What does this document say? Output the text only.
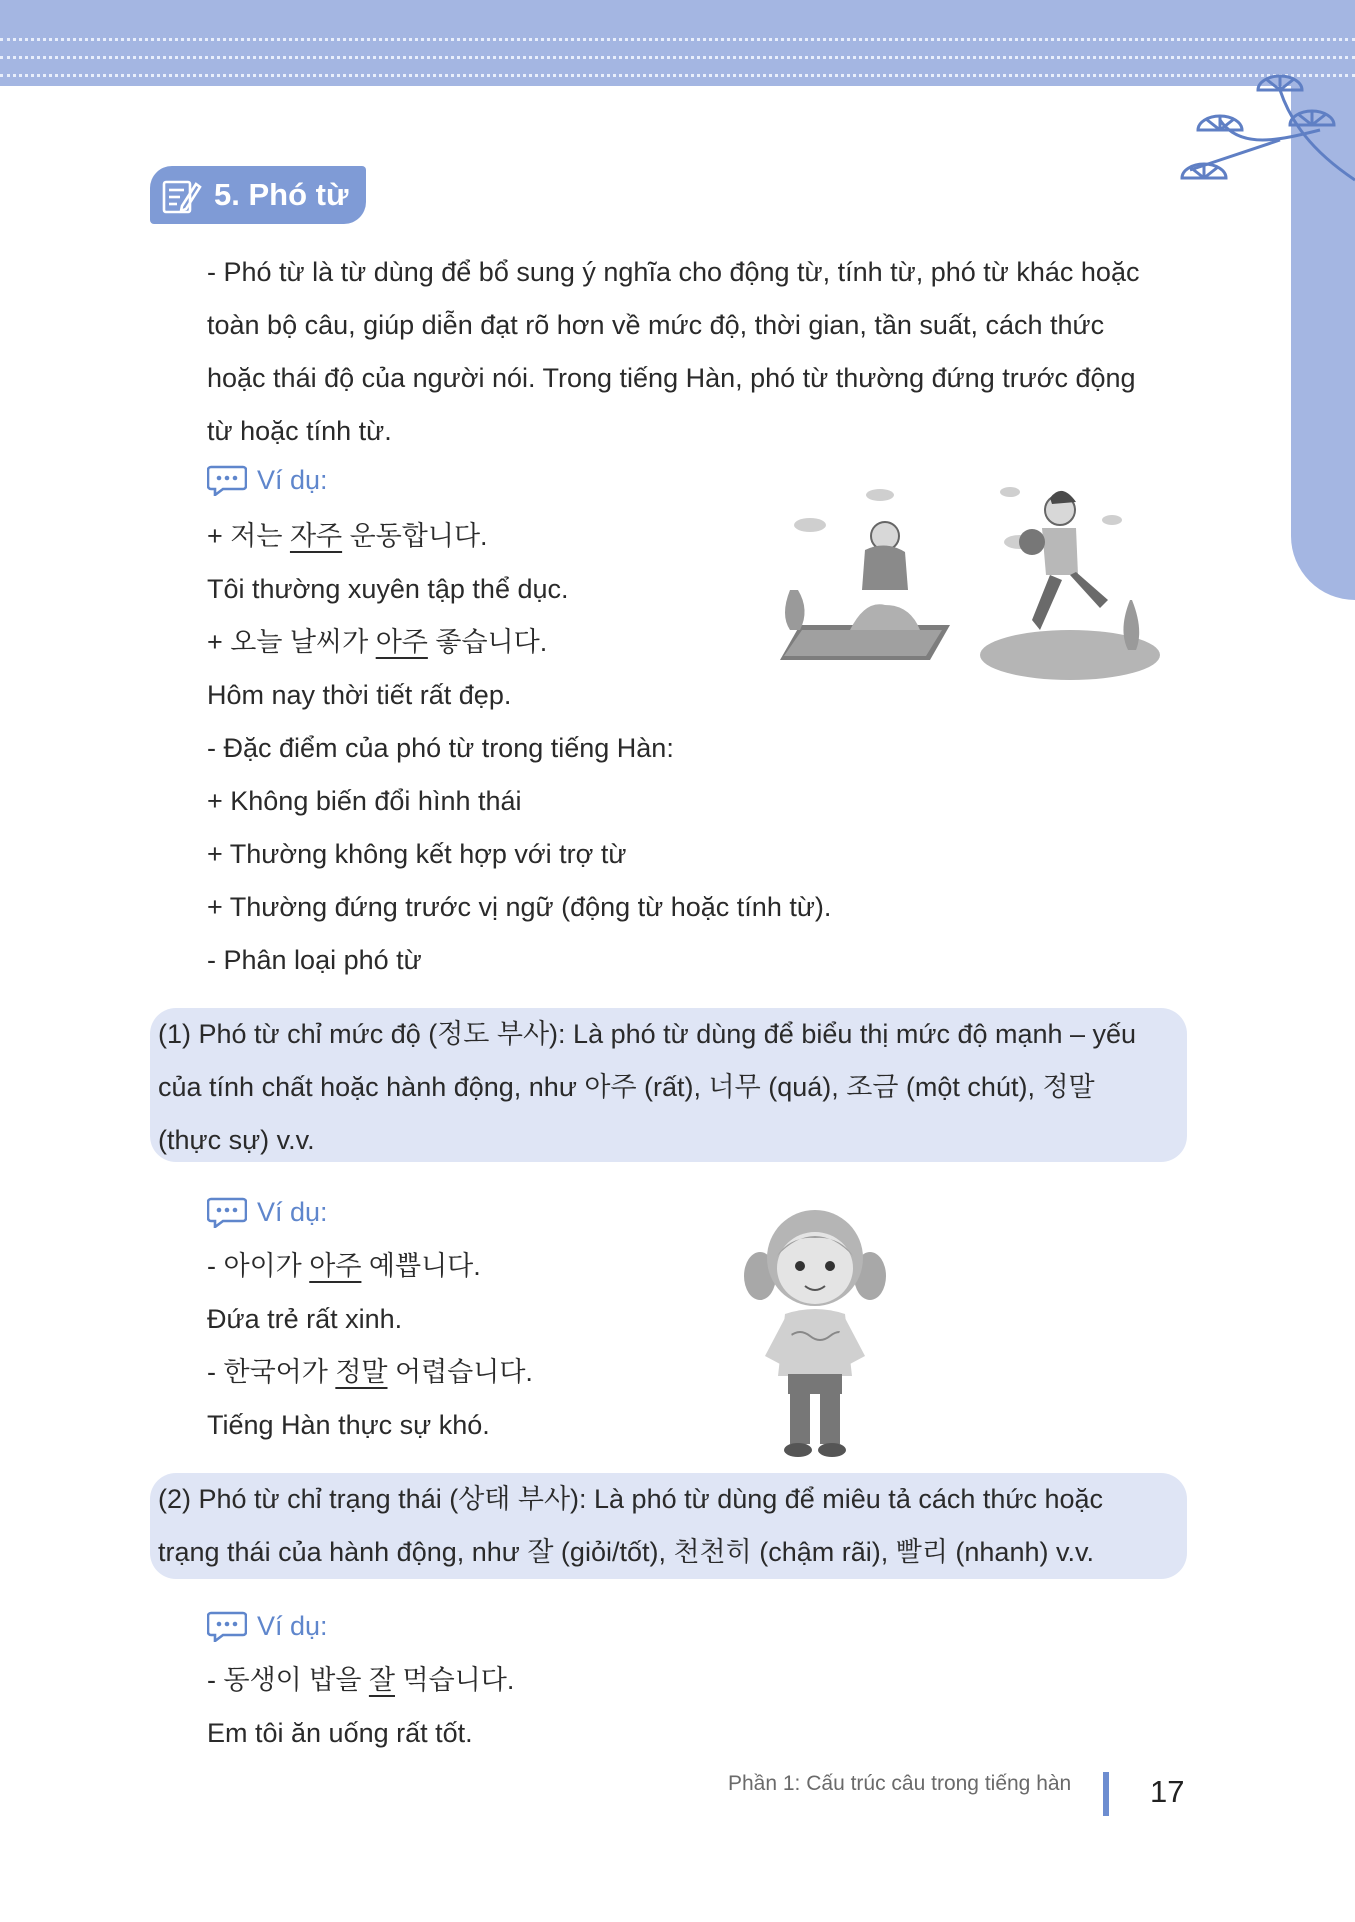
5. Phó từ
- Phó từ là từ dùng để bổ sung ý nghĩa cho động từ, tính từ, phó từ khác hoặc
toàn bộ câu, giúp diễn đạt rõ hơn về mức độ, thời gian, tần suất, cách thức
hoặc thái độ của người nói. Trong tiếng Hàn, phó từ thường đứng trước động
từ hoặc tính từ.
Ví dụ:
+ 저는 자주 운동합니다.
Tôi thường xuyên tập thể dục.
+ 오늘 날씨가 아주 좋습니다.
Hôm nay thời tiết rất đẹp.
- Đặc điểm của phó từ trong tiếng Hàn:
+ Không biến đổi hình thái
+ Thường không kết hợp với trợ từ
+ Thường đứng trước vị ngữ (động từ hoặc tính từ).
- Phân loại phó từ
(1) Phó từ chỉ mức độ (정도 부사): Là phó từ dùng để biểu thị mức độ mạnh – yếu
của tính chất hoặc hành động, như 아주 (rất), 너무 (quá), 조금 (một chút), 정말
(thực sự) v.v.
Ví dụ:
- 아이가 아주 예쁩니다.
Đứa trẻ rất xinh.
- 한국어가 정말 어렵습니다.
Tiếng Hàn thực sự khó.
(2) Phó từ chỉ trạng thái (상태 부사): Là phó từ dùng để miêu tả cách thức hoặc
trạng thái của hành động, như 잘 (giỏi/tốt), 천천히 (chậm rãi), 빨리 (nhanh) v.v.
Ví dụ:
- 동생이 밥을 잘 먹습니다.
Em tôi ăn uống rất tốt.
Phần 1: Cấu trúc câu trong tiếng hàn	17
